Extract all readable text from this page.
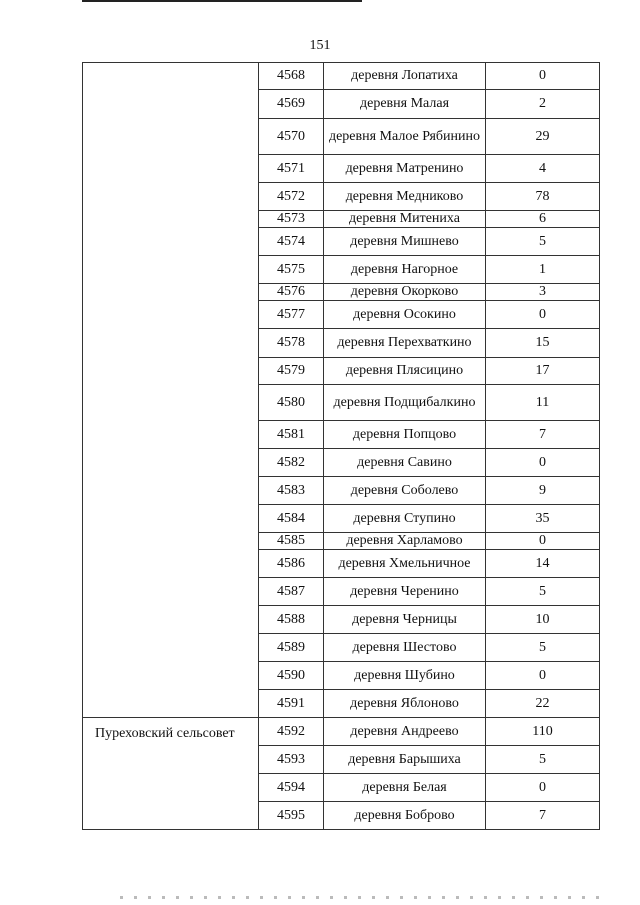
151
	4568	деревня Лопатиха	0
	4569	деревня Малая	2
	4570	деревня Малое Рябинино	29
	4571	деревня Матренино	4
	4572	деревня Медниково	78
	4573	деревня Митениха	6
	4574	деревня Мишнево	5
	4575	деревня Нагорное	1
	4576	деревня Окорково	3
	4577	деревня Осокино	0
	4578	деревня Перехваткино	15
	4579	деревня Плясицино	17
	4580	деревня Подщибалкино	11
	4581	деревня Попцово	7
	4582	деревня Савино	0
	4583	деревня Соболево	9
	4584	деревня Ступино	35
	4585	деревня Харламово	0
	4586	деревня Хмельничное	14
	4587	деревня Черенино	5
	4588	деревня Черницы	10
	4589	деревня Шестово	5
	4590	деревня Шубино	0
	4591	деревня Яблоново	22

Пуреховский сельсовет	4592	деревня Андреево	110
	4593	деревня Барышиха	5
	4594	деревня Белая	0
	4595	деревня Боброво	7
